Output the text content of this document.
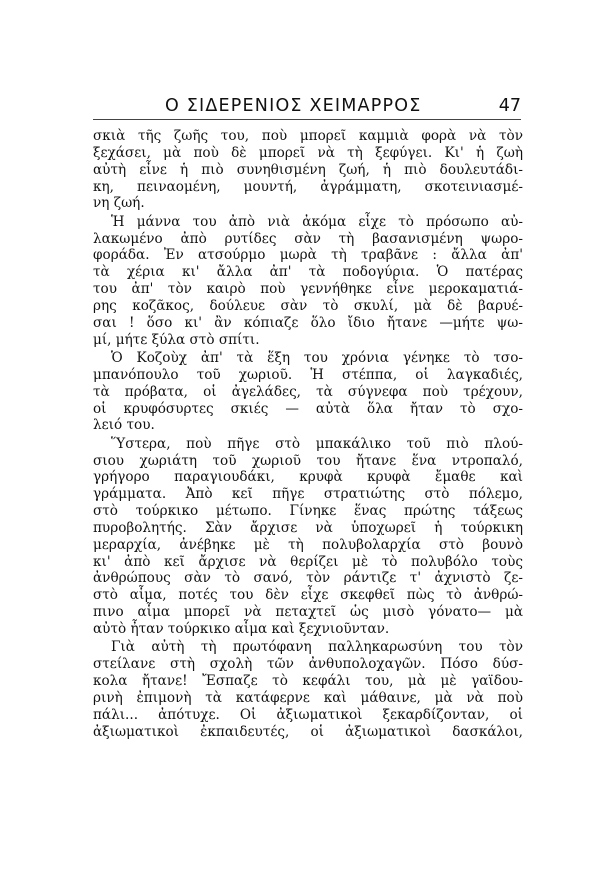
Ο ΣΙΔΕΡΕΝΙΟΣ ΧΕΙΜΑΡΡΟΣ	47
σκιὰ τῆς ζωῆς του, ποὺ μπορεῖ καμμιὰ φορὰ νὰ τὸν
ξεχάσει, μὰ ποὺ δὲ μπορεῖ νὰ τὴ ξεφύγει. Κι' ἡ ζωὴ
αὐτὴ εἶνε ἡ πιὸ συνηθισμένη ζωή, ἡ πιὸ δουλευτάδι-
κη, πειναομένη, μουντή, ἀγράμματη, σκοτεινιασμέ-
νη ζωή.
Ἡ μάννα του ἀπὸ νιὰ ἀκόμα εἶχε τὸ πρόσωπο αὐ-
λακωμένο ἀπὸ ρυτίδες σὰν τὴ βασανισμένη ψωρο-
φοράδα. Ἐν ατσούρμο μωρὰ τὴ τραβᾶνε : ἄλλα ἀπ'
τὰ χέρια κι' ἄλλα ἀπ' τὰ ποδογύρια. Ὁ πατέρας
του ἀπ' τὸν καιρὸ ποὺ γεννήθηκε εἶνε μεροκαματιά-
ρης κοζᾶκος, δούλευε σὰν τὸ σκυλί, μὰ δὲ βαρυέ-
σαι ! ὅσο κι' ἂν κόπιαζε ὅλο ἴδιο ἤτανε —μήτε ψω-
μί, μήτε ξύλα στὸ σπίτι.
Ὁ Κοζοὺχ ἀπ' τὰ ἕξη του χρόνια γένηκε τὸ τσο-
μπανόπουλο τοῦ χωριοῦ. Ἡ στέππα, οἱ λαγκαδιές,
τὰ πρόβατα, οἱ ἀγελάδες, τὰ σύγνεφα ποὺ τρέχουν,
οἱ κρυφόσυρτες σκιές — αὐτὰ ὅλα ἤταν τὸ σχο-
λειό του.
Ὕστερα, ποὺ πῆγε στὸ μπακάλικο τοῦ πιὸ πλού-
σιου χωριάτη τοῦ χωριοῦ του ἤτανε ἕνα ντροπαλό,
γρήγορο παραγιουδάκι, κρυφὰ κρυφὰ ἔμαθε καὶ
γράμματα. Ἀπὸ κεῖ πῆγε στρατιώτης στὸ πόλεμο,
στὸ τούρκικο μέτωπο. Γίνηκε ἕνας πρώτης τάξεως
πυροβολητής. Σὰν ἄρχισε νὰ ὑποχωρεῖ ἡ τούρκικη
μεραρχία, ἀνέβηκε μὲ τὴ πολυβολαρχία στὸ βουνὸ
κι' ἀπὸ κεῖ ἄρχισε νὰ θερίζει μὲ τὸ πολυβόλο τοὺς
ἀνθρώπους σὰν τὸ σανό, τὸν ράντιζε τ' ἀχνιστὸ ζε-
στὸ αἷμα, ποτές του δὲν εἶχε σκεφθεῖ πὼς τὸ ἀνθρώ-
πινο αἷμα μπορεῖ νὰ πεταχτεῖ ὡς μισὸ γόνατο— μὰ
αὐτὸ ἦταν τούρκικο αἷμα καὶ ξεχνιοῦνταν.
Γιὰ αὐτὴ τὴ πρωτόφανη παλληκαρωσύνη του τὸν
στείλανε στὴ σχολὴ τῶν ἀνθυπολοχαγῶν. Πόσο δύσ-
κολα ἤτανε! Ἔσπαζε τὸ κεφάλι του, μὰ μὲ γαϊδου-
ρινὴ ἐπιμονὴ τὰ κατάφερνε καὶ μάθαινε, μὰ νὰ ποὺ
πάλι... ἀπότυχε. Οἱ ἀξιωματικοὶ ξεκαρδίζονταν, οἱ
ἀξιωματικοὶ ἐκπαιδευτές, οἱ ἀξιωματικοὶ δασκάλοι,
